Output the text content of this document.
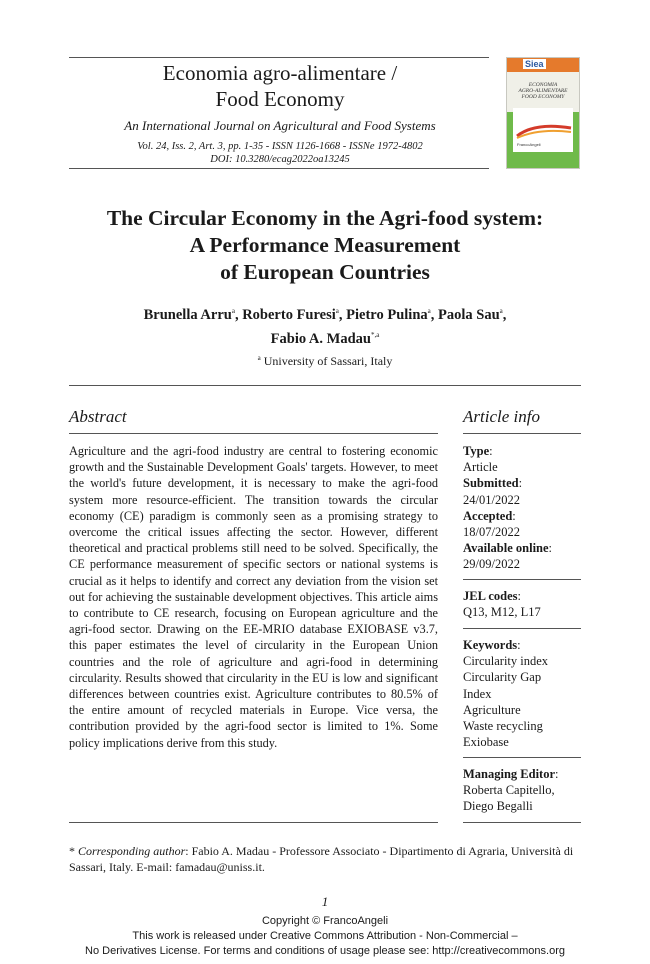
Economia agro-alimentare /
Food Economy
An International Journal on Agricultural and Food Systems
Vol. 24, Iss. 2, Art. 3, pp. 1-35 - ISSN 1126-1668 - ISSNe 1972-4802
DOI: 10.3280/ecag2022oa13245
Siea
ECONOMIA
AGRO-ALIMENTARE
FOOD ECONOMY
FrancoAngeli
The Circular Economy in the Agri-food system:
A Performance Measurement
of European Countries
Brunella Arru$^a$, Roberto Furesi$^a$, Pietro Pulina$^a$, Paola Sau$^a$,
Fabio A. Madau$^{*,a}$
$^a$ University of Sassari, Italy
Abstract
Agriculture and the agri-food industry are central to fostering economic growth and the Sustainable Development Goals' targets. However, to meet the world's future development, it is necessary to make the agri-food system more resource-efficient. The transition towards the circular economy (CE) paradigm is commonly seen as a promising strategy to overcome the critical issues affecting the sector. However, different theoretical and practical problems still need to be solved. Specifically, the CE performance measurement of specific sectors or national systems is crucial as it helps to identify and correct any deviation from the vision set out for achieving the sustainable development objectives. This article aims to contribute to CE research, focusing on European agriculture and the agri-food sector. Drawing on the EE-MRIO database EXIOBASE v3.7, this paper estimates the level of circularity in the European Union countries and the role of agriculture and agri-food in determining circularity. Results showed that circularity in the EU is low and significant differences between countries exist. Agriculture contributes to 80.5% of the entire amount of recycled materials in Europe. Vice versa, the contribution provided by the agri-food sector is limited to 1%. Some policy implications derive from this study.
Article info
Type:
Article
Submitted:
24/01/2022
Accepted:
18/07/2022
Available online:
29/09/2022
JEL codes:
Q13, M12, L17
Keywords:
Circularity index
Circularity Gap
Index
Agriculture
Waste recycling
Exiobase
Managing Editor:
Roberta Capitello,
Diego Begalli
* Corresponding author: Fabio A. Madau - Professore Associato - Dipartimento di Agraria, Università di Sassari, Italy. E-mail: famadau@uniss.it.
1
Copyright © FrancoAngeli
This work is released under Creative Commons Attribution - Non-Commercial –
No Derivatives License. For terms and conditions of usage please see: http://creativecommons.org
